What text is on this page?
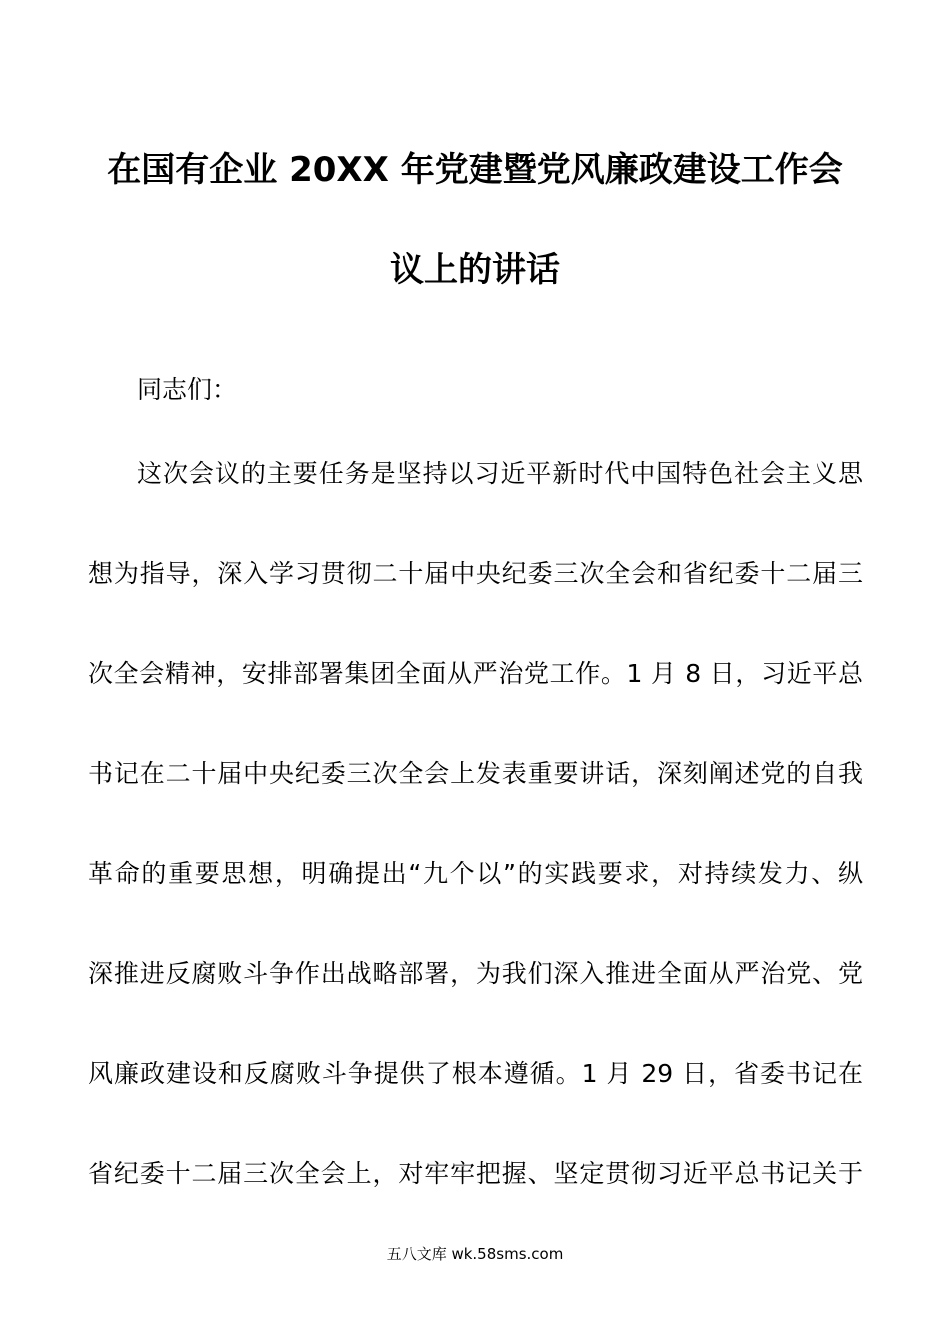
在国有企业 20XX 年党建暨党风廉政建设工作会
议上的讲话
同志们：
这次会议的主要任务是坚持以习近平新时代中国特色社会主义思
想为指导，深入学习贯彻二十届中央纪委三次全会和省纪委十二届三
次全会精神，安排部署集团全面从严治党工作。1 月 8 日，习近平总
书记在二十届中央纪委三次全会上发表重要讲话，深刻阐述党的自我
革命的重要思想，明确提出“九个以”的实践要求，对持续发力、纵
深推进反腐败斗争作出战略部署，为我们深入推进全面从严治党、党
风廉政建设和反腐败斗争提供了根本遵循。1 月 29 日，省委书记在
省纪委十二届三次全会上，对牢牢把握、坚定贯彻习近平总书记关于
五八文库 wk.58sms.com
